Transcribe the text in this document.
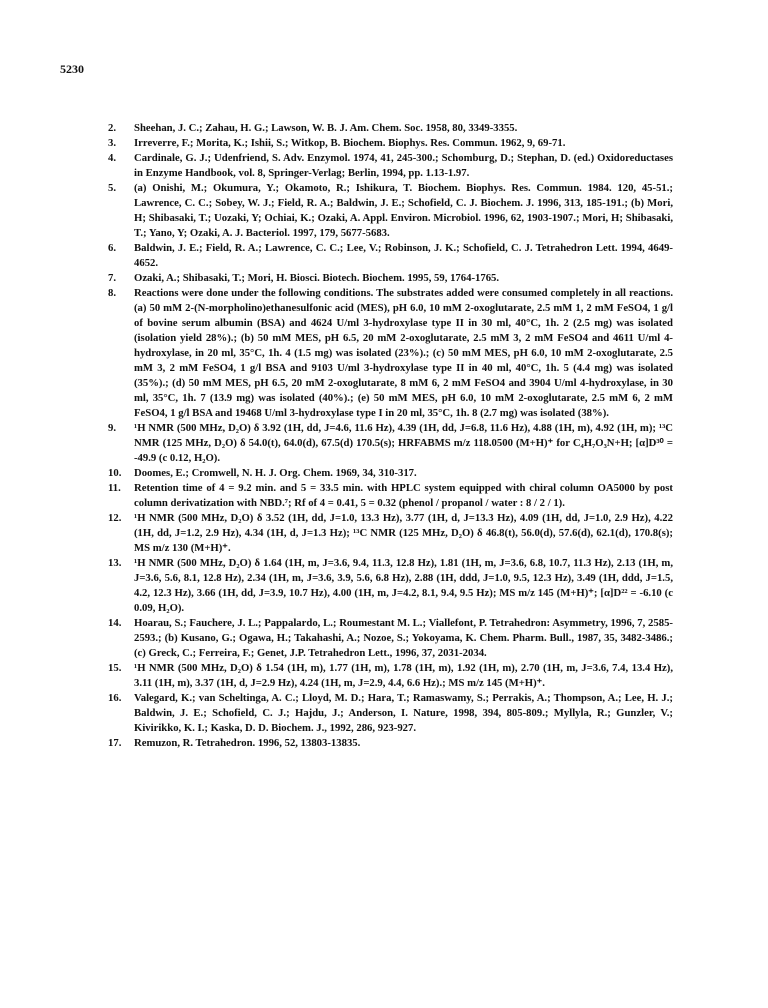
5230
2.	Sheehan, J. C.; Zahau, H. G.; Lawson, W. B. J. Am. Chem. Soc. 1958, 80, 3349-3355.
3.	Irreverre, F.; Morita, K.; Ishii, S.; Witkop, B. Biochem. Biophys. Res. Commun. 1962, 9, 69-71.
4.	Cardinale, G. J.; Udenfriend, S. Adv. Enzymol. 1974, 41, 245-300.; Schomburg, D.; Stephan, D. (ed.) Oxidoreductases in Enzyme Handbook, vol. 8, Springer-Verlag; Berlin, 1994, pp. 1.13-1.97.
5.	(a) Onishi, M.; Okumura, Y.; Okamoto, R.; Ishikura, T. Biochem. Biophys. Res. Commun. 1984. 120, 45-51.; Lawrence, C. C.; Sobey, W. J.; Field, R. A.; Baldwin, J. E.; Schofield, C. J. Biochem. J. 1996, 313, 185-191.; (b) Mori, H; Shibasaki, T.; Uozaki, Y; Ochiai, K.; Ozaki, A. Appl. Environ. Microbiol. 1996, 62, 1903-1907.; Mori, H; Shibasaki, T.; Yano, Y; Ozaki, A. J. Bacteriol. 1997, 179, 5677-5683.
6.	Baldwin, J. E.; Field, R. A.; Lawrence, C. C.; Lee, V.; Robinson, J. K.; Schofield, C. J. Tetrahedron Lett. 1994, 4649-4652.
7.	Ozaki, A.; Shibasaki, T.; Mori, H. Biosci. Biotech. Biochem. 1995, 59, 1764-1765.
8.	Reactions were done under the following conditions. The substrates added were consumed completely in all reactions. (a) 50 mM 2-(N-morpholino)ethanesulfonic acid (MES), pH 6.0, 10 mM 2-oxoglutarate, 2.5 mM 1, 2 mM FeSO4, 1 g/l of bovine serum albumin (BSA) and 4624 U/ml 3-hydroxylase type II in 30 ml, 40°C, 1h. 2 (2.5 mg) was isolated (isolation yield 28%).; (b) 50 mM MES, pH 6.5, 20 mM 2-oxoglutarate, 2.5 mM 3, 2 mM FeSO4 and 4611 U/ml 4-hydroxylase, in 20 ml, 35°C, 1h. 4 (1.5 mg) was isolated (23%).; (c) 50 mM MES, pH 6.0, 10 mM 2-oxoglutarate, 2.5 mM 3, 2 mM FeSO4, 1 g/l BSA and 9103 U/ml 3-hydroxylase type II in 40 ml, 40°C, 1h. 5 (4.4 mg) was isolated (35%).; (d) 50 mM MES, pH 6.5, 20 mM 2-oxoglutarate, 8 mM 6, 2 mM FeSO4 and 3904 U/ml 4-hydroxylase, in 30 ml, 35°C, 1h. 7 (13.9 mg) was isolated (40%).; (e) 50 mM MES, pH 6.0, 10 mM 2-oxoglutarate, 2.5 mM 6, 2 mM FeSO4, 1 g/l BSA and 19468 U/ml 3-hydroxylase type I in 20 ml, 35°C, 1h. 8 (2.7 mg) was isolated (38%).
9.	¹H NMR (500 MHz, D₂O) δ 3.92 (1H, dd, J=4.6, 11.6 Hz), 4.39 (1H, dd, J=6.8, 11.6 Hz), 4.88 (1H, m), 4.92 (1H, m); ¹³C NMR (125 MHz, D₂O) δ 54.0(t), 64.0(d), 67.5(d) 170.5(s); HRFABMS m/z 118.0500 (M+H)⁺ for C₄H₇O₃N+H; [α]D³⁰ = -49.9 (c 0.12, H₂O).
10.	Doomes, E.; Cromwell, N. H. J. Org. Chem. 1969, 34, 310-317.
11.	Retention time of 4 = 9.2 min. and 5 = 33.5 min. with HPLC system equipped with chiral column OA5000 by post column derivatization with NBD.⁷; Rf of 4 = 0.41, 5 = 0.32 (phenol / propanol / water : 8 / 2 / 1).
12.	¹H NMR (500 MHz, D₂O) δ 3.52 (1H, dd, J=1.0, 13.3 Hz), 3.77 (1H, d, J=13.3 Hz), 4.09 (1H, dd, J=1.0, 2.9 Hz), 4.22 (1H, dd, J=1.2, 2.9 Hz), 4.34 (1H, d, J=1.3 Hz); ¹³C NMR (125 MHz, D₂O) δ 46.8(t), 56.0(d), 57.6(d), 62.1(d), 170.8(s); MS m/z 130 (M+H)⁺.
13.	¹H NMR (500 MHz, D₂O) δ 1.64 (1H, m, J=3.6, 9.4, 11.3, 12.8 Hz), 1.81 (1H, m, J=3.6, 6.8, 10.7, 11.3 Hz), 2.13 (1H, m, J=3.6, 5.6, 8.1, 12.8 Hz), 2.34 (1H, m, J=3.6, 3.9, 5.6, 6.8 Hz), 2.88 (1H, ddd, J=1.0, 9.5, 12.3 Hz), 3.49 (1H, ddd, J=1.5, 4.2, 12.3 Hz), 3.66 (1H, dd, J=3.9, 10.7 Hz), 4.00 (1H, m, J=4.2, 8.1, 9.4, 9.5 Hz); MS m/z 145 (M+H)⁺; [α]D²² = -6.10 (c 0.09, H₂O).
14.	Hoarau, S.; Fauchere, J. L.; Pappalardo, L.; Roumestant M. L.; Viallefont, P. Tetrahedron: Asymmetry, 1996, 7, 2585-2593.; (b) Kusano, G.; Ogawa, H.; Takahashi, A.; Nozoe, S.; Yokoyama, K. Chem. Pharm. Bull., 1987, 35, 3482-3486.; (c) Greck, C.; Ferreira, F.; Genet, J.P. Tetrahedron Lett., 1996, 37, 2031-2034.
15.	¹H NMR (500 MHz, D₂O) δ 1.54 (1H, m), 1.77 (1H, m), 1.78 (1H, m), 1.92 (1H, m), 2.70 (1H, m, J=3.6, 7.4, 13.4 Hz), 3.11 (1H, m), 3.37 (1H, d, J=2.9 Hz), 4.24 (1H, m, J=2.9, 4.4, 6.6 Hz).; MS m/z 145 (M+H)⁺.
16.	Valegard, K.; van Scheltinga, A. C.; Lloyd, M. D.; Hara, T.; Ramaswamy, S.; Perrakis, A.; Thompson, A.; Lee, H. J.; Baldwin, J. E.; Schofield, C. J.; Hajdu, J.; Anderson, I. Nature, 1998, 394, 805-809.; Myllyla, R.; Gunzler, V.; Kivirikko, K. I.; Kaska, D. D. Biochem. J., 1992, 286, 923-927.
17.	Remuzon, R. Tetrahedron. 1996, 52, 13803-13835.
